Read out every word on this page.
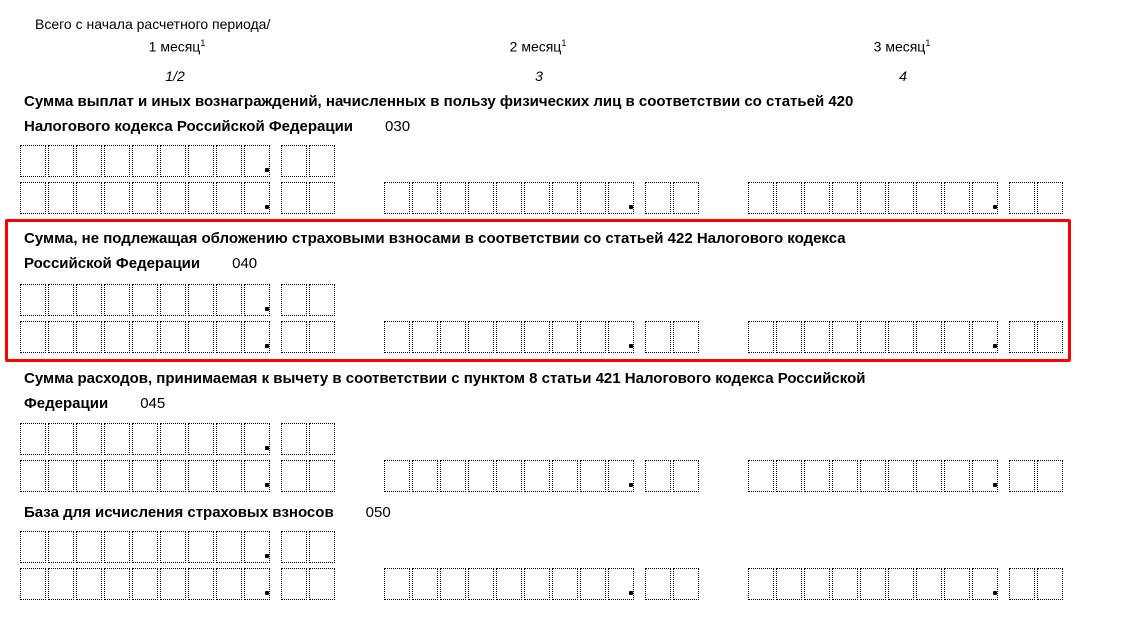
Всего с начала расчетного периода/
1 месяц$^1$	2 месяц$^1$	3 месяц$^1$
1/2	3	4
Сумма выплат и иных вознаграждений, начисленных в пользу физических лиц в соответствии со статьей 420
Налогового кодекса Российской Федерации 030
Сумма, не подлежащая обложению страховыми взносами в соответствии со статьей 422 Налогового кодекса
Российской Федерации 040
Сумма расходов, принимаемая к вычету в соответствии с пунктом 8 статьи 421 Налогового кодекса Российской
Федерации 045
База для исчисления страховых взносов 050
